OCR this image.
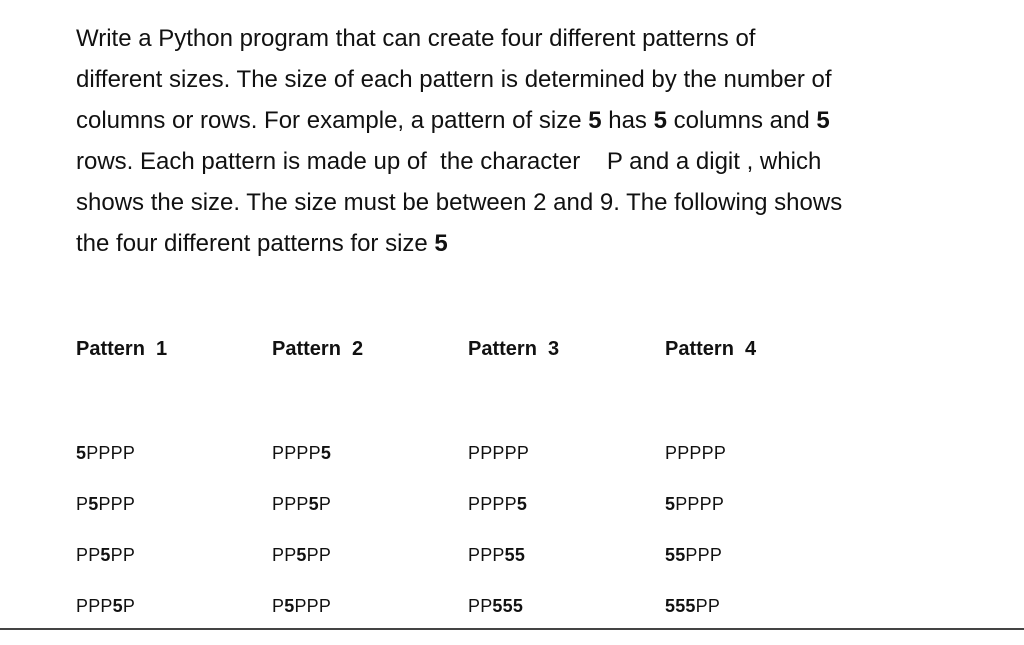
Write a Python program that can create four different patterns of
different sizes. The size of each pattern is determined by the number of
columns or rows. For example, a pattern of size 5 has 5 columns and 5
rows. Each pattern is made up of  the character    P and a digit , which
shows the size. The size must be between 2 and 9. The following shows
the four different patterns for size 5
Pattern  1
5PPPP
P5PPP
PP5PP
PPP5P
Pattern  2
PPPP5
PPP5P
PP5PP
P5PPP
Pattern  3
PPPPP
PPPP5
PPP55
PP555
Pattern  4
PPPPP
5PPPP
55PPP
555PP
